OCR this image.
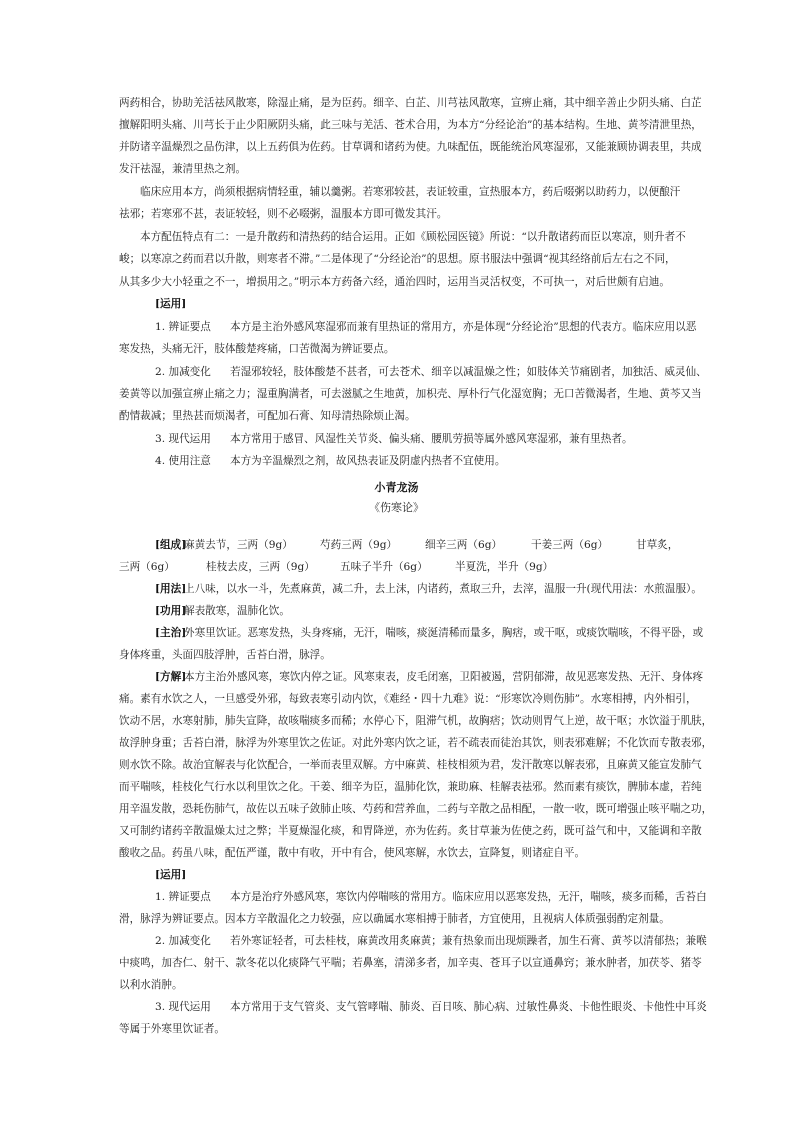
两药相合，协助羌活祛风散寒，除湿止痛，是为臣药。细辛、白芷、川芎祛风散寒，宣痹止痛，其中细辛善止少阴头痛、白芷
擅解阳明头痛、川芎长于止少阳厥阴头痛，此三味与羌活、苍术合用，为本方“分经论治”的基本结构。生地、黄芩清泄里热，
并防诸辛温燥烈之品伤津，以上五药俱为佐药。甘草调和诸药为使。九味配伍，既能统治风寒湿邪，又能兼顾协调表里，共成
发汗祛湿，兼清里热之剂。
临床应用本方，尚须根据病情轻重，辅以羹粥。若寒邪较甚，表证较重，宣热服本方，药后啜粥以助药力，以便酿汗
祛邪；若寒邪不甚，表证较轻，则不必啜粥，温服本方即可微发其汗。
本方配伍特点有二：一是升散药和清热药的结合运用。正如《顾松园医镜》所说：“以升散诸药而臣以寒凉，则升者不
峻；以寒凉之药而君以升散，则寒者不滞。”二是体现了“分经论治”的思想。原书服法中强调“视其经络前后左右之不同，
从其多少大小轻重之不一，增损用之。”明示本方药备六经，通治四时，运用当灵活权变，不可执一，对后世颇有启迪。
[运用]

1. 辨证要点

本方是主治外感风寒湿邪而兼有里热证的常用方，亦是体现“分经论治”思想的代表方。临床应用以恶

寒发热，头痛无汗，肢体酸楚疼痛，口苦微渴为辨证要点。

2. 加减变化

若湿邪较轻，肢体酸楚不甚者，可去苍术、细辛以减温燥之性；如肢体关节痛剧者，加独活、威灵仙、

姜黄等以加强宣痹止痛之力；湿重胸满者，可去滋腻之生地黄，加枳壳、厚朴行气化湿宽胸；无口苦微渴者，生地、黄芩又当
酌情裁减；里热甚而烦渴者，可配加石膏、知母清热除烦止渴。

3. 现代运用

本方常用于感冒、风湿性关节炎、偏头痛、腰肌劳损等属外感风寒湿邪，兼有里热者。

4. 使用注意

本方为辛温燥烈之剂，故风热表证及阴虚内热者不宜使用。

小青龙汤
《伤寒论》

[组成]

麻黄去节，三两（9g）

	芍药三两（9g）

	细辛三两（6g）

	干姜三两（6g）

	甘草炙，

三两（6g）

	桂枝去皮，三两（9g）

五味子半升（6g）

	半夏洗，半升（9g）

[用法]

上八味，以水一斗，先煮麻黄，减二升，去上沫，内诸药，煮取三升，去滓，温服一升(现代用法：水煎温服）。

[功用]

解表散寒，温肺化饮。

[主治]

外寒里饮证。恶寒发热，头身疼痛，无汗，喘咳，痰涎清稀而量多，胸痞，或干呕，或痰饮喘咳，不得平卧，或

身体疼重，头面四肢浮肿，舌苔白滑，脉浮。

[方解]

本方主治外感风寒，寒饮内停之证。风寒束表，皮毛闭塞，卫阳被遏，营阴郁滞，故见恶寒发热、无汗、身体疼

痛。素有水饮之人，一旦感受外邪，每致表寒引动内饮，《难经・四十九难》说：“形寒饮冷则伤肺”。水寒相搏，内外相引，
饮动不居，水寒射肺，肺失宣降，故咳喘痰多而稀；水停心下，阻滞气机，故胸痞；饮动则胃气上逆，故干呕；水饮溢于肌肤，
故浮肿身重；舌苔白滑，脉浮为外寒里饮之佐证。对此外寒内饮之证，若不疏表而徒治其饮，则表邪难解；不化饮而专散表邪，
则水饮不除。故治宜解表与化饮配合，一举而表里双解。方中麻黄、桂枝相须为君，发汗散寒以解表邪，且麻黄又能宣发肺气
而平喘咳，桂枝化气行水以利里饮之化。干姜、细辛为臣，温肺化饮，兼助麻、桂解表祛邪。然而素有痰饮，脾肺本虚，若纯
用辛温发散，恐耗伤肺气，故佐以五味子敛肺止咳、芍药和营养血，二药与辛散之品相配，一散一收，既可增强止咳平喘之功，
又可制约诸药辛散温燥太过之弊；半夏燥湿化痰，和胃降逆，亦为佐药。炙甘草兼为佐使之药，既可益气和中，又能调和辛散
酸收之品。药虽八味，配伍严谨，散中有收，开中有合，使风寒解，水饮去，宣降复，则诸症自平。
[运用]

1. 辨证要点

本方是治疗外感风寒，寒饮内停喘咳的常用方。临床应用以恶寒发热，无汗，喘咳，痰多而稀，舌苔白

滑，脉浮为辨证要点。因本方辛散温化之力较强，应以确属水寒相搏于肺者，方宜使用，且视病人体质强弱酌定剂量。

2. 加减变化

若外寒证轻者，可去桂枝，麻黄改用炙麻黄；兼有热象而出现烦躁者，加生石膏、黄芩以清郁热；兼喉

中痰鸣，加杏仁、射干、款冬花以化痰降气平喘；若鼻塞，清涕多者，加辛夷、苍耳子以宣通鼻窍；兼水肿者，加茯苓、猪苓
以利水消肿。

3. 现代运用

本方常用于支气管炎、支气管哮喘、肺炎、百日咳、肺心病、过敏性鼻炎、卡他性眼炎、卡他性中耳炎

等属于外寒里饮证者。
